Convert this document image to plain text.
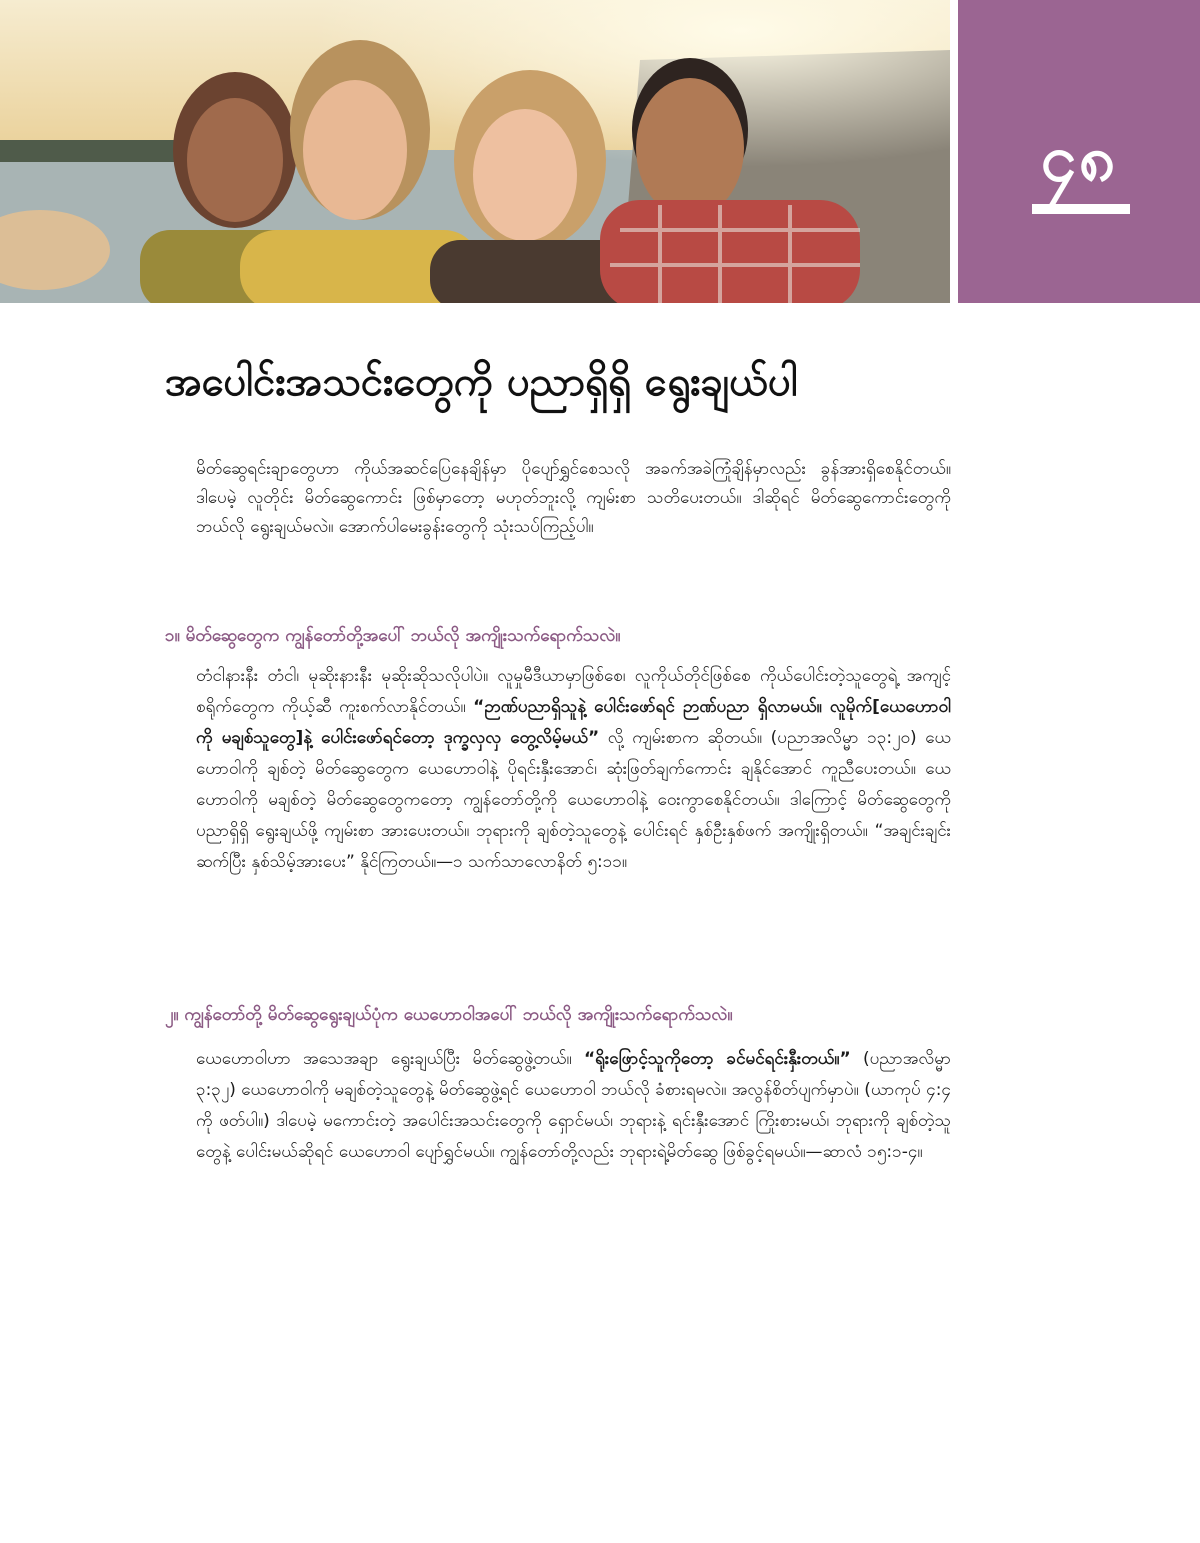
၄၈
အပေါင်းအသင်းတွေကို ပညာရှိရှိ ရွေးချယ်ပါ

မိတ်ဆွေရင်းချာတွေဟာ ကိုယ်အဆင်ပြေနေချိန်မှာ ပိုပျော်ရွှင်စေသလို အခက်အခဲကြုံချိန်မှာလည်း ခွန်အားရှိစေနိုင်တယ်။ ဒါပေမဲ့ လူတိုင်း မိတ်ဆွေကောင်း ဖြစ်မှာတော့ မဟုတ်ဘူးလို့ ကျမ်းစာ သတိပေးတယ်။ ဒါဆိုရင် မိတ်ဆွေကောင်းတွေကို ဘယ်လို ရွေးချယ်မလဲ။ အောက်ပါမေးခွန်းတွေကို သုံးသပ်ကြည့်ပါ။

၁။ မိတ်ဆွေတွေက ကျွန်တော်တို့အပေါ် ဘယ်လို အကျိုးသက်ရောက်သလဲ။

တံငါနားနီး တံငါ၊ မုဆိုးနားနီး မုဆိုးဆိုသလိုပါပဲ။ လူမှုမီဒီယာမှာဖြစ်စေ၊ လူကိုယ်တိုင်ဖြစ်စေ ကိုယ်ပေါင်းတဲ့သူတွေရဲ့ အကျင့်စရိုက်တွေက ကိုယ့်ဆီ ကူးစက်လာနိုင်တယ်။ “ဉာဏ်ပညာရှိသူနဲ့ ပေါင်းဖော်ရင် ဉာဏ်ပညာ ရှိလာမယ်။ လူမိုက်[ယေဟောဝါကို မချစ်သူတွေ]နဲ့ ပေါင်းဖော်ရင်တော့ ဒုက္ခလှလှ တွေ့လိမ့်မယ်” လို့ ကျမ်းစာက ဆိုတယ်။ (ပညာအလိမ္မာ ၁၃:၂၀) ယေဟောဝါကို ချစ်တဲ့ မိတ်ဆွေတွေက ယေဟောဝါနဲ့ ပိုရင်းနှီးအောင်၊ ဆုံးဖြတ်ချက်ကောင်း ချနိုင်အောင် ကူညီပေးတယ်။ ယေဟောဝါကို မချစ်တဲ့ မိတ်ဆွေတွေကတော့ ကျွန်တော်တို့ကို ယေဟောဝါနဲ့ ဝေးကွာစေနိုင်တယ်။ ဒါကြောင့် မိတ်ဆွေတွေကို ပညာရှိရှိ ရွေးချယ်ဖို့ ကျမ်းစာ အားပေးတယ်။ ဘုရားကို ချစ်တဲ့သူတွေနဲ့ ပေါင်းရင် နှစ်ဦးနှစ်ဖက် အကျိုးရှိတယ်။ “အချင်းချင်း ဆက်ပြီး နှစ်သိမ့်အားပေး” နိုင်ကြတယ်။—၁ သက်သာလောနိတ် ၅:၁၁။

၂။ ကျွန်တော်တို့ မိတ်ဆွေရွေးချယ်ပုံက ယေဟောဝါအပေါ် ဘယ်လို အကျိုးသက်ရောက်သလဲ။

ယေဟောဝါဟာ အသေအချာ ရွေးချယ်ပြီး မိတ်ဆွေဖွဲ့တယ်။ “ရိုးဖြောင့်သူကိုတော့ ခင်မင်ရင်းနှီးတယ်။” (ပညာအလိမ္မာ ၃:၃၂) ယေဟောဝါကို မချစ်တဲ့သူတွေနဲ့ မိတ်ဆွေဖွဲ့ရင် ယေဟောဝါ ဘယ်လို ခံစားရမလဲ။ အလွန်စိတ်ပျက်မှာပဲ။ (ယာကုပ် ၄:၄ ကို ဖတ်ပါ။) ဒါပေမဲ့ မကောင်းတဲ့ အပေါင်းအသင်းတွေကို ရှောင်မယ်၊ ဘုရားနဲ့ ရင်းနှီးအောင် ကြိုးစားမယ်၊ ဘုရားကို ချစ်တဲ့သူတွေနဲ့ ပေါင်းမယ်ဆိုရင် ယေဟောဝါ ပျော်ရွှင်မယ်။ ကျွန်တော်တို့လည်း ဘုရားရဲ့မိတ်ဆွေ ဖြစ်ခွင့်ရမယ်။—ဆာလံ ၁၅:၁-၄။
